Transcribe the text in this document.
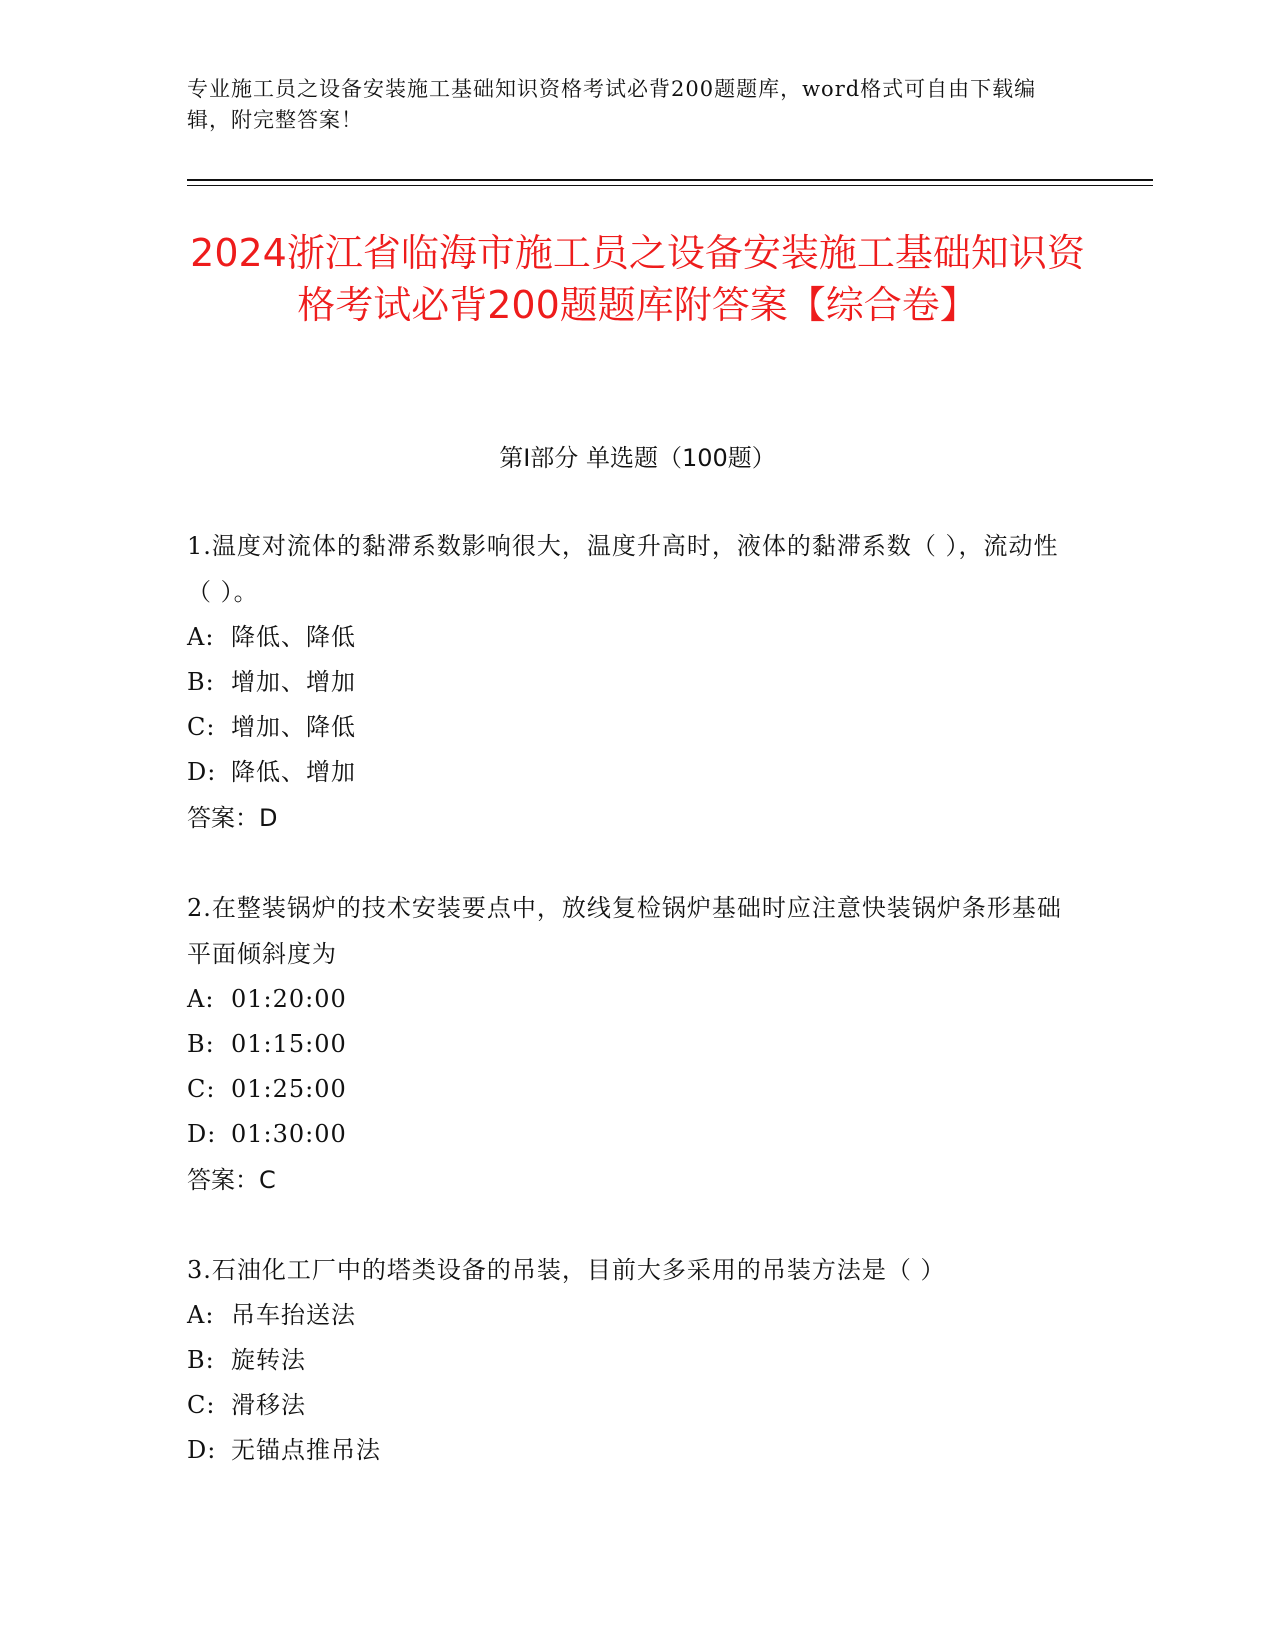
专业施工员之设备安装施工基础知识资格考试必背200题题库，word格式可自由下载编辑，附完整答案！
2024浙江省临海市施工员之设备安装施工基础知识资格考试必背200题题库附答案【综合卷】
第Ⅰ部分 单选题（100题）
1.温度对流体的黏滞系数影响很大，温度升高时，液体的黏滞系数（ ），流动性（ ）。
A: 降低、降低
B: 增加、增加
C: 增加、降低
D: 降低、增加
答案：D
2.在整装锅炉的技术安装要点中，放线复检锅炉基础时应注意快装锅炉条形基础平面倾斜度为
A: 01:20:00
B: 01:15:00
C: 01:25:00
D: 01:30:00
答案：C
3.石油化工厂中的塔类设备的吊装，目前大多采用的吊装方法是（ ）
A: 吊车抬送法
B: 旋转法
C: 滑移法
D: 无锚点推吊法
